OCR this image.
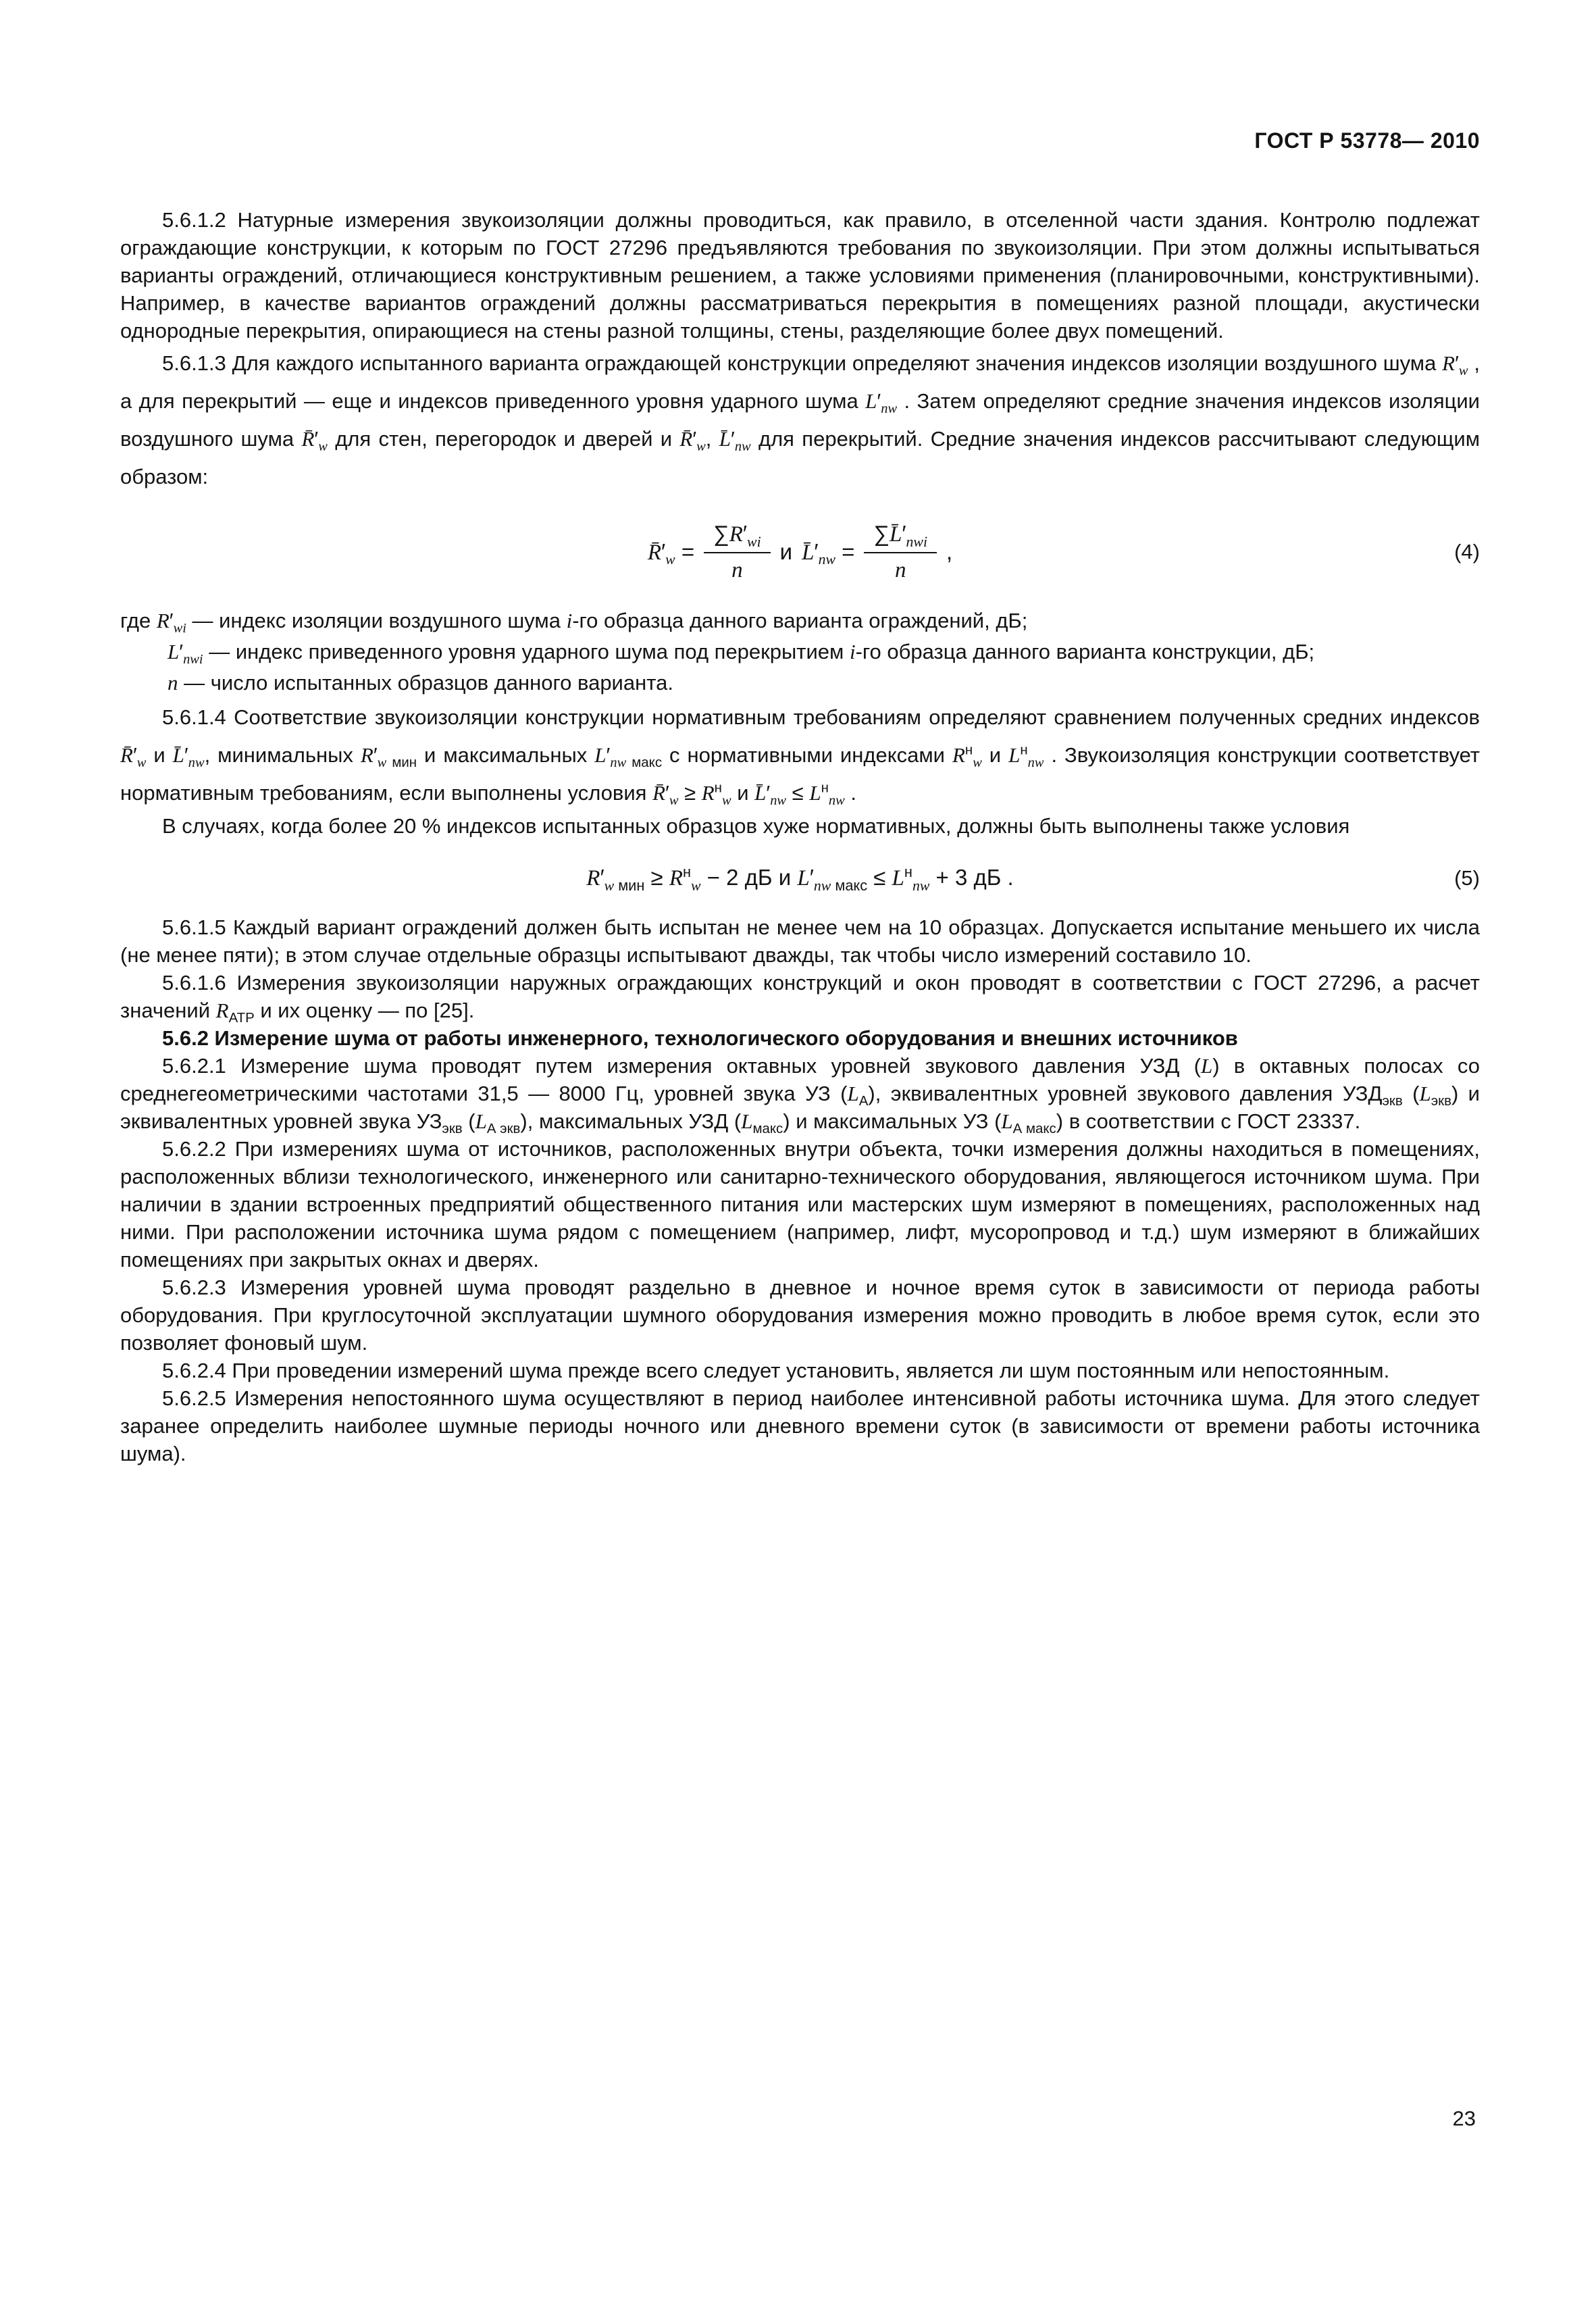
ГОСТ Р 53778— 2010

5.6.1.2 Натурные измерения звукоизоляции должны проводиться, как правило, в отселенной части здания. Контролю подлежат ограждающие конструкции, к которым по ГОСТ 27296 предъявляются требования по звукоизоляции. При этом должны испытываться варианты ограждений, отличающиеся конструктивным решением, а также условиями применения (планировочными, конструктивными). Например, в качестве вариантов ограждений должны рассматриваться перекрытия в помещениях разной площади, акустически однородные перекрытия, опирающиеся на стены разной толщины, стены, разделяющие более двух помещений.

5.6.1.3 Для каждого испытанного варианта ограждающей конструкции определяют значения индексов изоляции воздушного шума $R'_w$ , а для перекрытий — еще и индексов приведенного уровня ударного шума $L'_{nw}$ . Затем определяют средние значения индексов изоляции воздушного шума $R̄'_w$ для стен, перегородок и дверей и $R̄'_w$, $L̄'_{nw}$ для перекрытий. Средние значения индексов рассчитывают следующим образом:

$R̄'_w = \frac{\sum R'_{wi}}{n}$ и $L̄'_{nw} = \frac{\sum L̄'_{nwi}}{n}$ ,	(4)

где $R'_{wi}$ — индекс изоляции воздушного шума i-го образца данного варианта ограждений, дБ;

$L'_{nwi}$ — индекс приведенного уровня ударного шума под перекрытием i-го образца данного варианта конструкции, дБ;

n — число испытанных образцов данного варианта.

5.6.1.4 Соответствие звукоизоляции конструкции нормативным требованиям определяют сравнением полученных средних индексов $R̄'_w$ и $L̄'_{nw}$, минимальных $R'_{w мин}$ и максимальных $L'_{nw макс}$ с нормативными индексами $R^н_w$ и $L^н_{nw}$ . Звукоизоляция конструкции соответствует нормативным требованиям, если выполнены условия $R̄'_w \ge R^н_w$ и $L̄'_{nw} \le L^н_{nw}$ .

В случаях, когда более 20 % индексов испытанных образцов хуже нормативных, должны быть выполнены также условия

$R'_{w мин} \ge R^н_w - 2$ дБ и $L'_{nw макс} \le L^н_{nw} + 3$ дБ .	(5)

5.6.1.5 Каждый вариант ограждений должен быть испытан не менее чем на 10 образцах. Допускается испытание меньшего их числа (не менее пяти); в этом случае отдельные образцы испытывают дважды, так чтобы число измерений составило 10.

5.6.1.6 Измерения звукоизоляции наружных ограждающих конструкций и окон проводят в соответствии с ГОСТ 27296, а расчет значений $R_{АТР}$ и их оценку — по [25].

5.6.2 Измерение шума от работы инженерного, технологического оборудования и внешних источников

5.6.2.1 Измерение шума проводят путем измерения октавных уровней звукового давления УЗД (L) в октавных полосах со среднегеометрическими частотами 31,5 — 8000 Гц, уровней звука УЗ $(L_А)$, эквивалентных уровней звукового давления $УЗД_{экв}$ $(L_{экв})$ и эквивалентных уровней звука $УЗ_{экв}$ $(L_{А экв})$, максимальных УЗД $(L_{макс})$ и максимальных УЗ $(L_{А макс})$ в соответствии с ГОСТ 23337.

5.6.2.2 При измерениях шума от источников, расположенных внутри объекта, точки измерения должны находиться в помещениях, расположенных вблизи технологического, инженерного или санитарно-технического оборудования, являющегося источником шума. При наличии в здании встроенных предприятий общественного питания или мастерских шум измеряют в помещениях, расположенных над ними. При расположении источника шума рядом с помещением (например, лифт, мусоропровод и т.д.) шум измеряют в ближайших помещениях при закрытых окнах и дверях.

5.6.2.3 Измерения уровней шума проводят раздельно в дневное и ночное время суток в зависимости от периода работы оборудования. При круглосуточной эксплуатации шумного оборудования измерения можно проводить в любое время суток, если это позволяет фоновый шум.

5.6.2.4 При проведении измерений шума прежде всего следует установить, является ли шум постоянным или непостоянным.

5.6.2.5 Измерения непостоянного шума осуществляют в период наиболее интенсивной работы источника шума. Для этого следует заранее определить наиболее шумные периоды ночного или дневного времени суток (в зависимости от времени работы источника шума).

23
